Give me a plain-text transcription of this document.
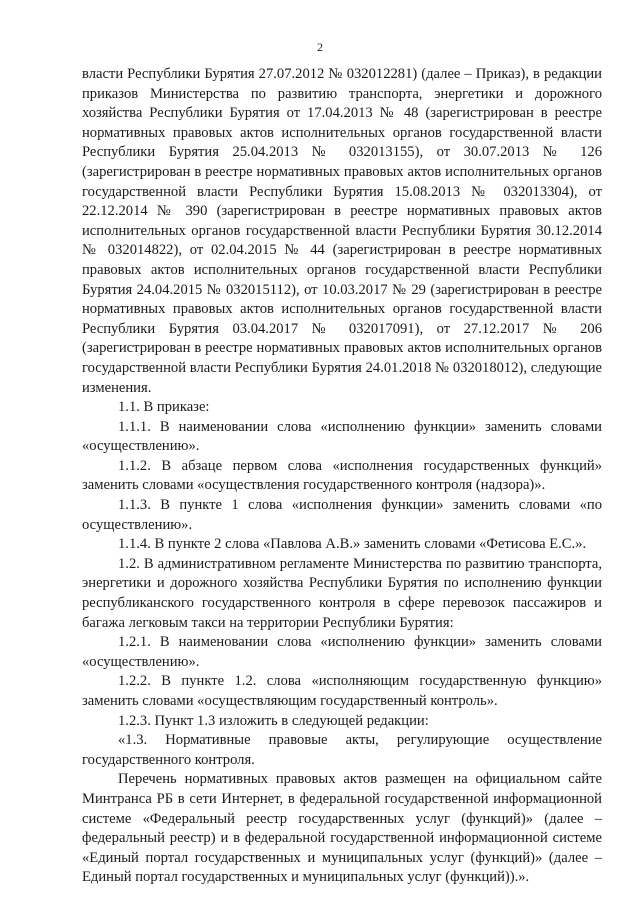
2

власти Республики Бурятия 27.07.2012 № 032012281) (далее – Приказ), в редакции приказов Министерства по развитию транспорта, энергетики и дорожного хозяйства Республики Бурятия от 17.04.2013 № 48 (зарегистрирован в реестре нормативных правовых актов исполнительных органов государственной власти Республики Бурятия 25.04.2013 № 032013155), от 30.07.2013 № 126 (зарегистрирован в реестре нормативных правовых актов исполнительных органов государственной власти Республики Бурятия 15.08.2013 № 032013304), от 22.12.2014 № 390 (зарегистрирован в реестре нормативных правовых актов исполнительных органов государственной власти Республики Бурятия 30.12.2014 № 032014822), от 02.04.2015 № 44 (зарегистрирован в реестре нормативных правовых актов исполнительных органов государственной власти Республики Бурятия 24.04.2015 № 032015112), от 10.03.2017 № 29 (зарегистрирован в реестре нормативных правовых актов исполнительных органов государственной власти Республики Бурятия 03.04.2017 № 032017091), от 27.12.2017 № 206 (зарегистрирован в реестре нормативных правовых актов исполнительных органов государственной власти Республики Бурятия 24.01.2018 № 032018012), следующие изменения.

1.1. В приказе:

1.1.1. В наименовании слова «исполнению функции» заменить словами «осуществлению».

1.1.2. В абзаце первом слова «исполнения государственных функций» заменить словами «осуществления государственного контроля (надзора)».

1.1.3. В пункте 1 слова «исполнения функции» заменить словами «по осуществлению».

1.1.4. В пункте 2 слова «Павлова А.В.» заменить словами «Фетисова Е.С.».

1.2. В административном регламенте Министерства по развитию транспорта, энергетики и дорожного хозяйства Республики Бурятия по исполнению функции республиканского государственного контроля в сфере перевозок пассажиров и багажа легковым такси на территории Республики Бурятия:

1.2.1. В наименовании слова «исполнению функции» заменить словами «осуществлению».

1.2.2. В пункте 1.2. слова «исполняющим государственную функцию» заменить словами «осуществляющим государственный контроль».

1.2.3. Пункт 1.3 изложить в следующей редакции:

«1.3. Нормативные правовые акты, регулирующие осуществление государственного контроля.

Перечень нормативных правовых актов размещен на официальном сайте Минтранса РБ в сети Интернет, в федеральной государственной информационной системе «Федеральный реестр государственных услуг (функций)» (далее – федеральный реестр) и в федеральной государственной информационной системе «Единый портал государственных и муниципальных услуг (функций)» (далее – Единый портал государственных и муниципальных услуг (функций)).».
